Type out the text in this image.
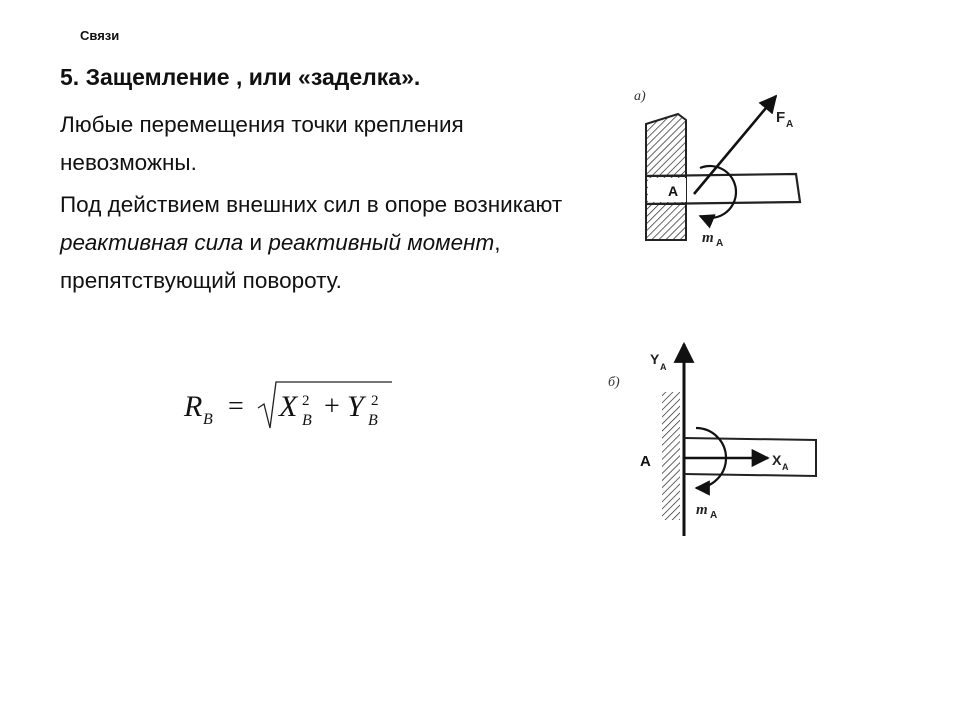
Связи
5. Защемление , или «заделка».

Любые перемещения точки крепления невозможны.

Под действием внешних сил в опоре возникают реактивная сила и реактивный момент, препятствующий повороту.

R B = X 2
B + Y 2
B
а)
A
F A
m A
б)
Y A
X A
A
m A
